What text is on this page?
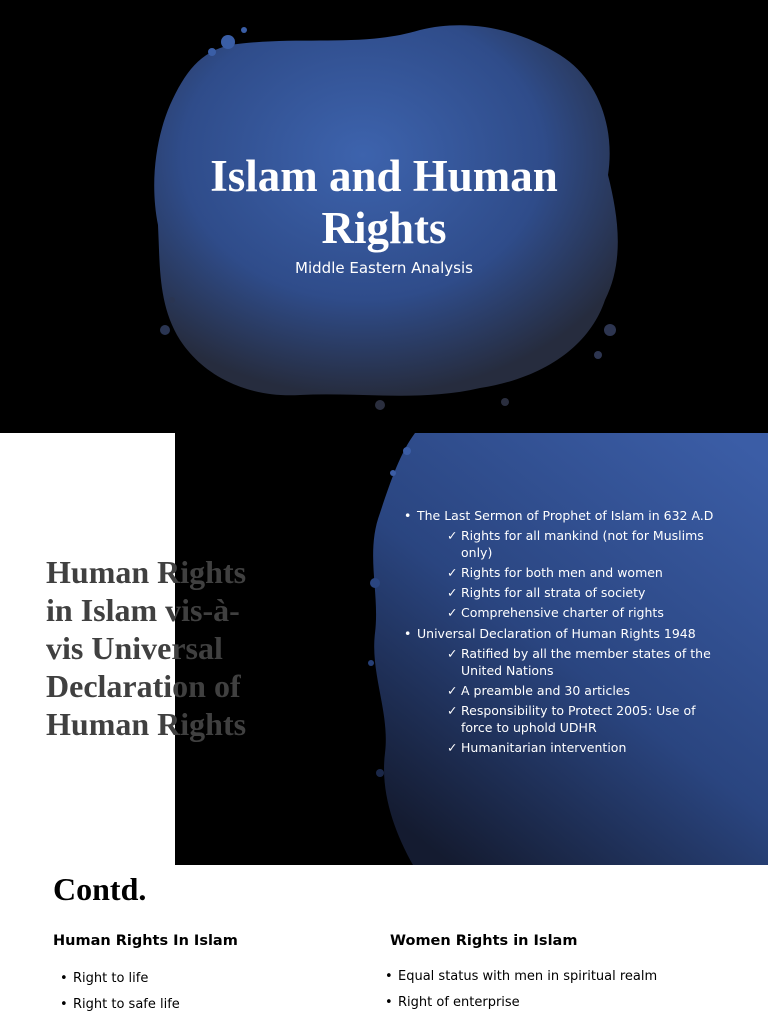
Islam and Human Rights

Middle Eastern Analysis

Human Rights in Islam vis-à-vis Universal Declaration of Human Rights
• The Last Sermon of Prophet of Islam in 632 A.D
✓ Rights for all mankind (not for Muslims only)
✓ Rights for both men and women
✓ Rights for all strata of society
✓ Comprehensive charter of rights
• Universal Declaration of Human Rights 1948
✓ Ratified by all the member states of the United Nations
✓ A preamble and 30 articles
✓ Responsibility to Protect 2005: Use of force to uphold UDHR
✓ Humanitarian intervention
Contd.
Human Rights In Islam
• Right to life
• Right to safe life
Women Rights in Islam
• Equal status with men in spiritual realm
• Right of enterprise
